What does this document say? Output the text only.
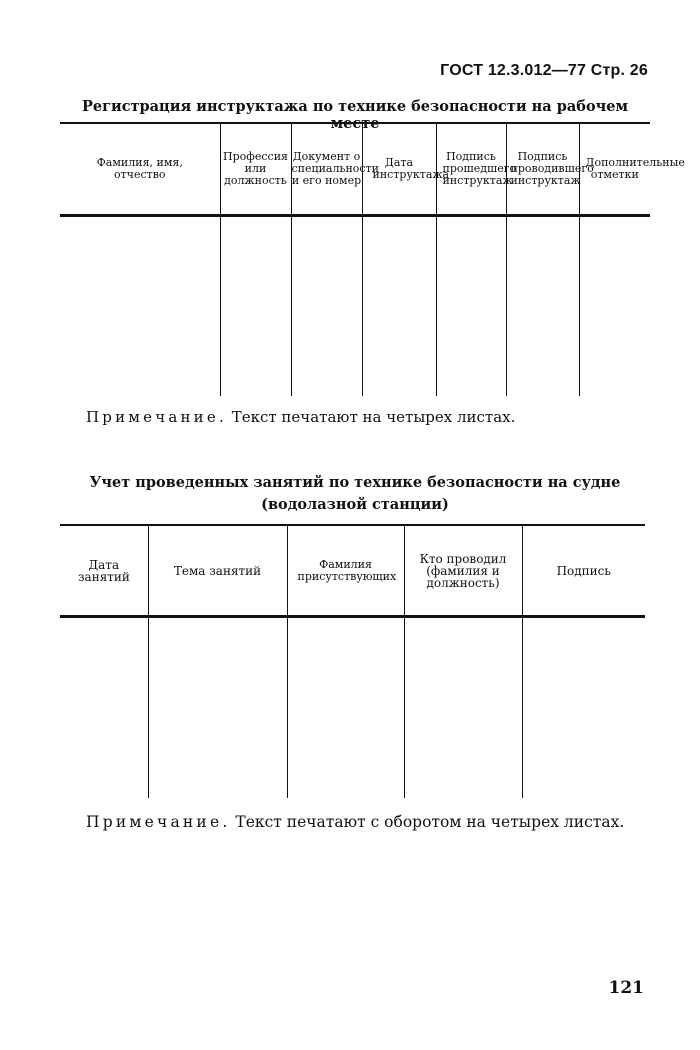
ГОСТ 12.3.012—77 Стр. 26
Регистрация инструктажа по технике безопасности на рабочем месте
Фамилия, имя, отчество	Профессия или должность	Документ о специальности и его номер	Дата инструктажа	Подпись прошедшего инструктаж	Подпись проводившего инструктаж	Дополнительные отметки

Примечание. Текст печатают на четырех листах.
Учет проведенных занятий по технике безопасности на судне
(водолазной станции)
Дата занятий	Тема занятий	Фамилия присутствующих	Кто проводил (фамилия и должность)	Подпись

Примечание. Текст печатают с оборотом на четырех листах.
121
